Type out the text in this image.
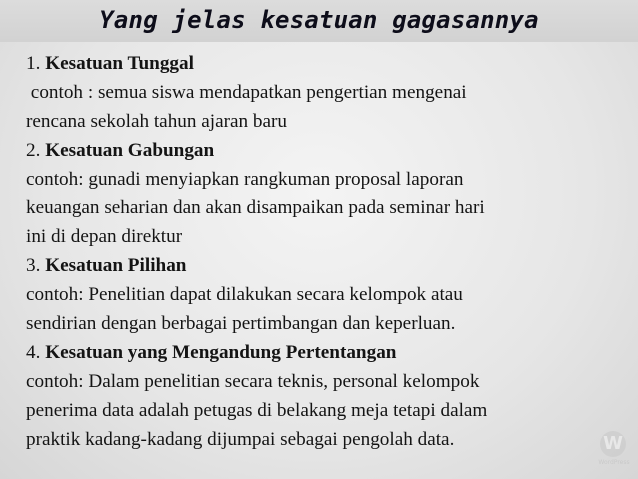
Yang jelas kesatuan gagasannya
1. Kesatuan Tunggal
contoh : semua siswa mendapatkan pengertian mengenai
rencana sekolah tahun ajaran baru
2. Kesatuan Gabungan
contoh: gunadi menyiapkan rangkuman proposal laporan
keuangan seharian dan akan disampaikan pada seminar hari
ini di depan direktur
3. Kesatuan Pilihan
contoh: Penelitian dapat dilakukan secara kelompok atau
sendirian dengan berbagai pertimbangan dan keperluan.
4. Kesatuan yang Mengandung Pertentangan
contoh: Dalam penelitian secara teknis, personal kelompok
penerima data adalah petugas di belakang meja tetapi dalam
praktik kadang-kadang dijumpai sebagai pengolah data.	W
WordPress
